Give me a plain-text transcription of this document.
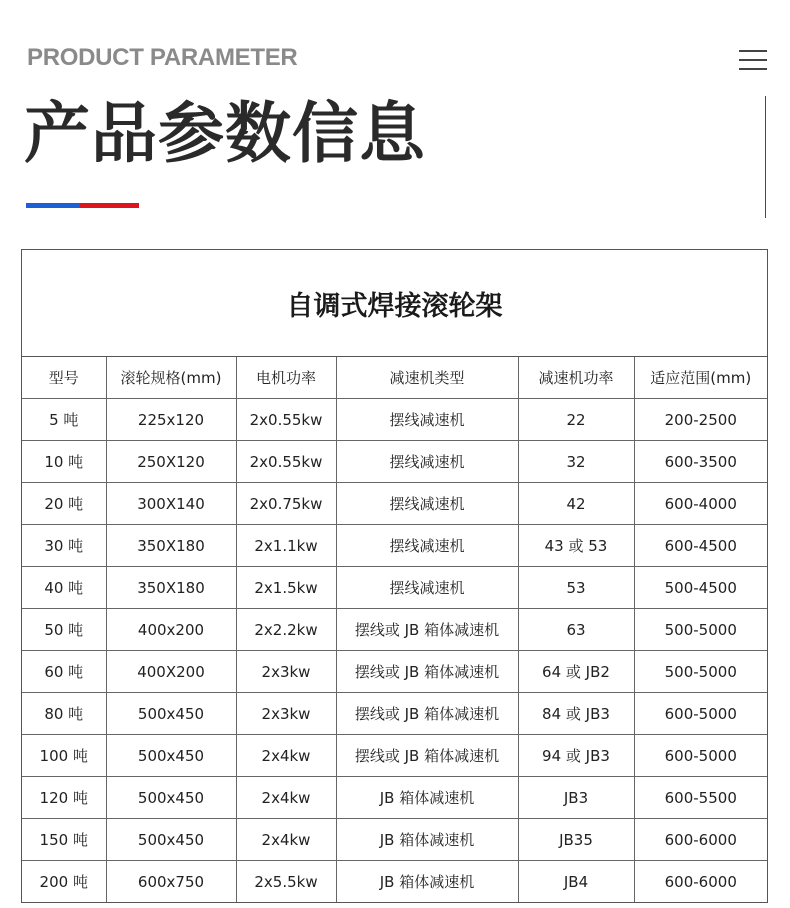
PRODUCT PARAMETER
产品参数信息
自调式焊接滚轮架
型号	滚轮规格(mm)	电机功率	减速机类型	减速机功率	适应范围(mm)
5 吨	225x120	2x0.55kw	摆线减速机	22	200-2500
10 吨	250X120	2x0.55kw	摆线减速机	32	600-3500
20 吨	300X140	2x0.75kw	摆线减速机	42	600-4000
30 吨	350X180	2x1.1kw	摆线减速机	43 或 53	600-4500
40 吨	350X180	2x1.5kw	摆线减速机	53	500-4500
50 吨	400x200	2x2.2kw	摆线或 JB 箱体减速机	63	500-5000
60 吨	400X200	2x3kw	摆线或 JB 箱体减速机	64 或 JB2	500-5000
80 吨	500x450	2x3kw	摆线或 JB 箱体减速机	84 或 JB3	600-5000
100 吨	500x450	2x4kw	摆线或 JB 箱体减速机	94 或 JB3	600-5000
120 吨	500x450	2x4kw	JB 箱体减速机	JB3	600-5500
150 吨	500x450	2x4kw	JB 箱体减速机	JB35	600-6000
200 吨	600x750	2x5.5kw	JB 箱体减速机	JB4	600-6000
